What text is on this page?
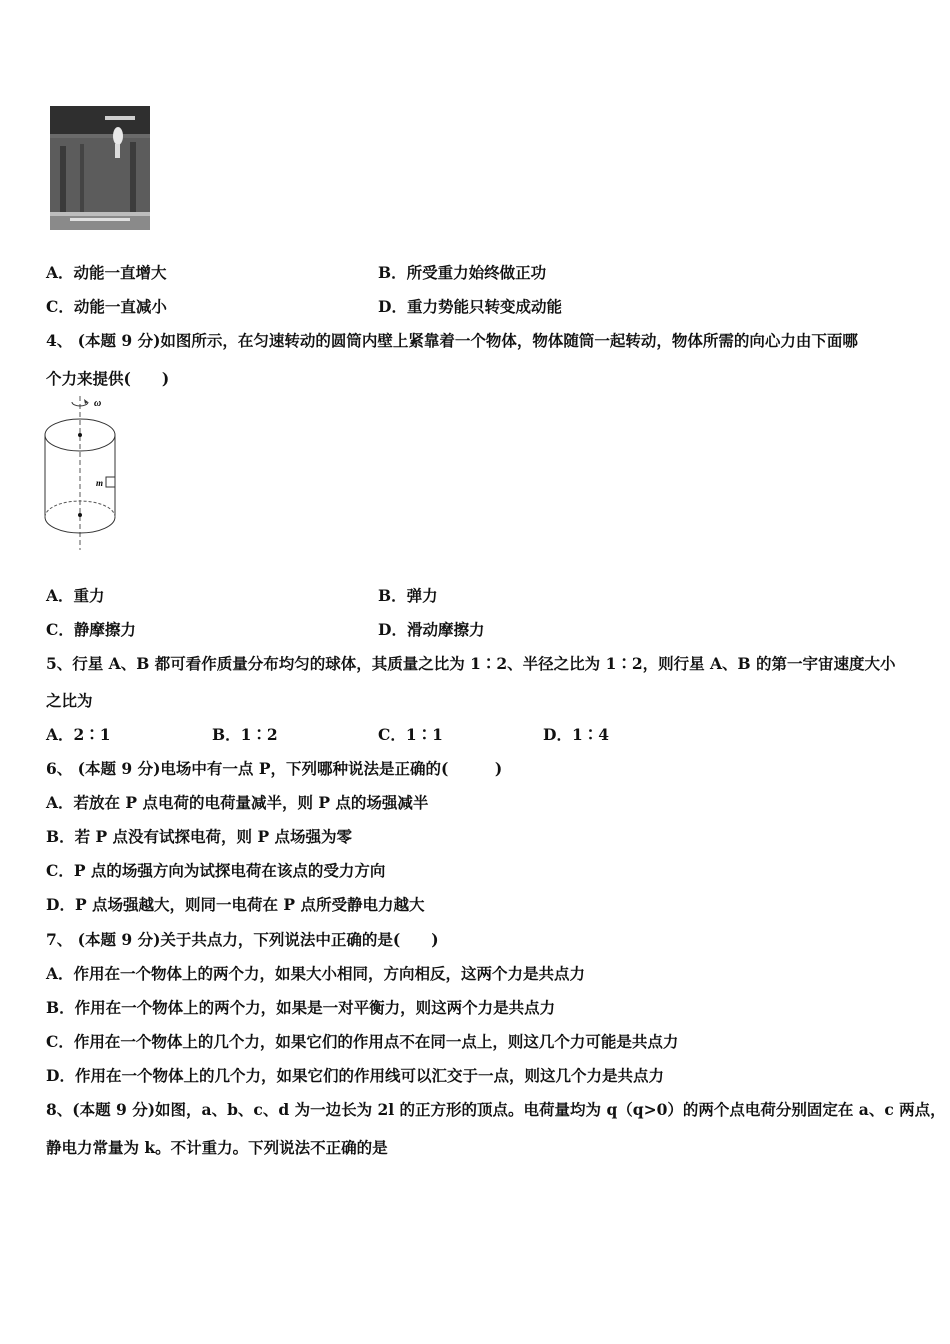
A．动能一直增大	B．所受重力始终做正功
C．动能一直减小	D．重力势能只转变成动能
4、 (本题 9 分)如图所示，在匀速转动的圆筒内壁上紧靠着一个物体，物体随筒一起转动，物体所需的向心力由下面哪
个力来提供(　　)
ω
m
A．重力	B．弹力
C．静摩擦力	D．滑动摩擦力
5、行星 A、B 都可看作质量分布均匀的球体，其质量之比为 1∶2、半径之比为 1∶2，则行星 A、B 的第一宇宙速度大小
之比为
A．2∶1	B．1∶2	C．1∶1	D．1∶4
6、 (本题 9 分)电场中有一点 P，下列哪种说法是正确的(　　　)
A．若放在 P 点电荷的电荷量减半，则 P 点的场强减半
B．若 P 点没有试探电荷，则 P 点场强为零
C．P 点的场强方向为试探电荷在该点的受力方向
D．P 点场强越大，则同一电荷在 P 点所受静电力越大
7、 (本题 9 分)关于共点力，下列说法中正确的是(　　)
A．作用在一个物体上的两个力，如果大小相同，方向相反，这两个力是共点力
B．作用在一个物体上的两个力，如果是一对平衡力，则这两个力是共点力
C．作用在一个物体上的几个力，如果它们的作用点不在同一点上，则这几个力可能是共点力
D．作用在一个物体上的几个力，如果它们的作用线可以汇交于一点，则这几个力是共点力
8、(本题 9 分)如图，a、b、c、d 为一边长为 2l 的正方形的顶点。电荷量均为 q（q>0）的两个点电荷分别固定在 a、c 两点，
静电力常量为 k。不计重力。下列说法不正确的是
